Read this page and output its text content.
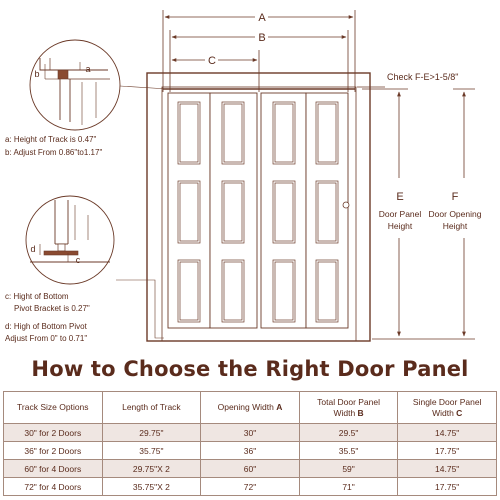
A
B
C
Check F-E>1-5/8"
E
Door Panel
Height
F
Door Opening
Height
b	a
d
c
a: Height of Track is 0.47"
b: Adjust From 0.86"to1.17"
c: Hight of Bottom
Pivot Bracket is 0.27"
d: High of Bottom Pivot
Adjust From 0" to 0.71"
How to Choose the Right Door Panel
Track Size Options	Length of Track	Opening Width A	Total Door Panel Width B	Single Door Panel Width C
30" for 2 Doors	29.75"	30"	29.5"	14.75"
36" for 2 Doors	35.75"	36"	35.5"	17.75"
60" for 4 Doors	29.75"X 2	60"	59"	14.75"
72" for 4 Doors	35.75"X 2	72"	71"	17.75"
